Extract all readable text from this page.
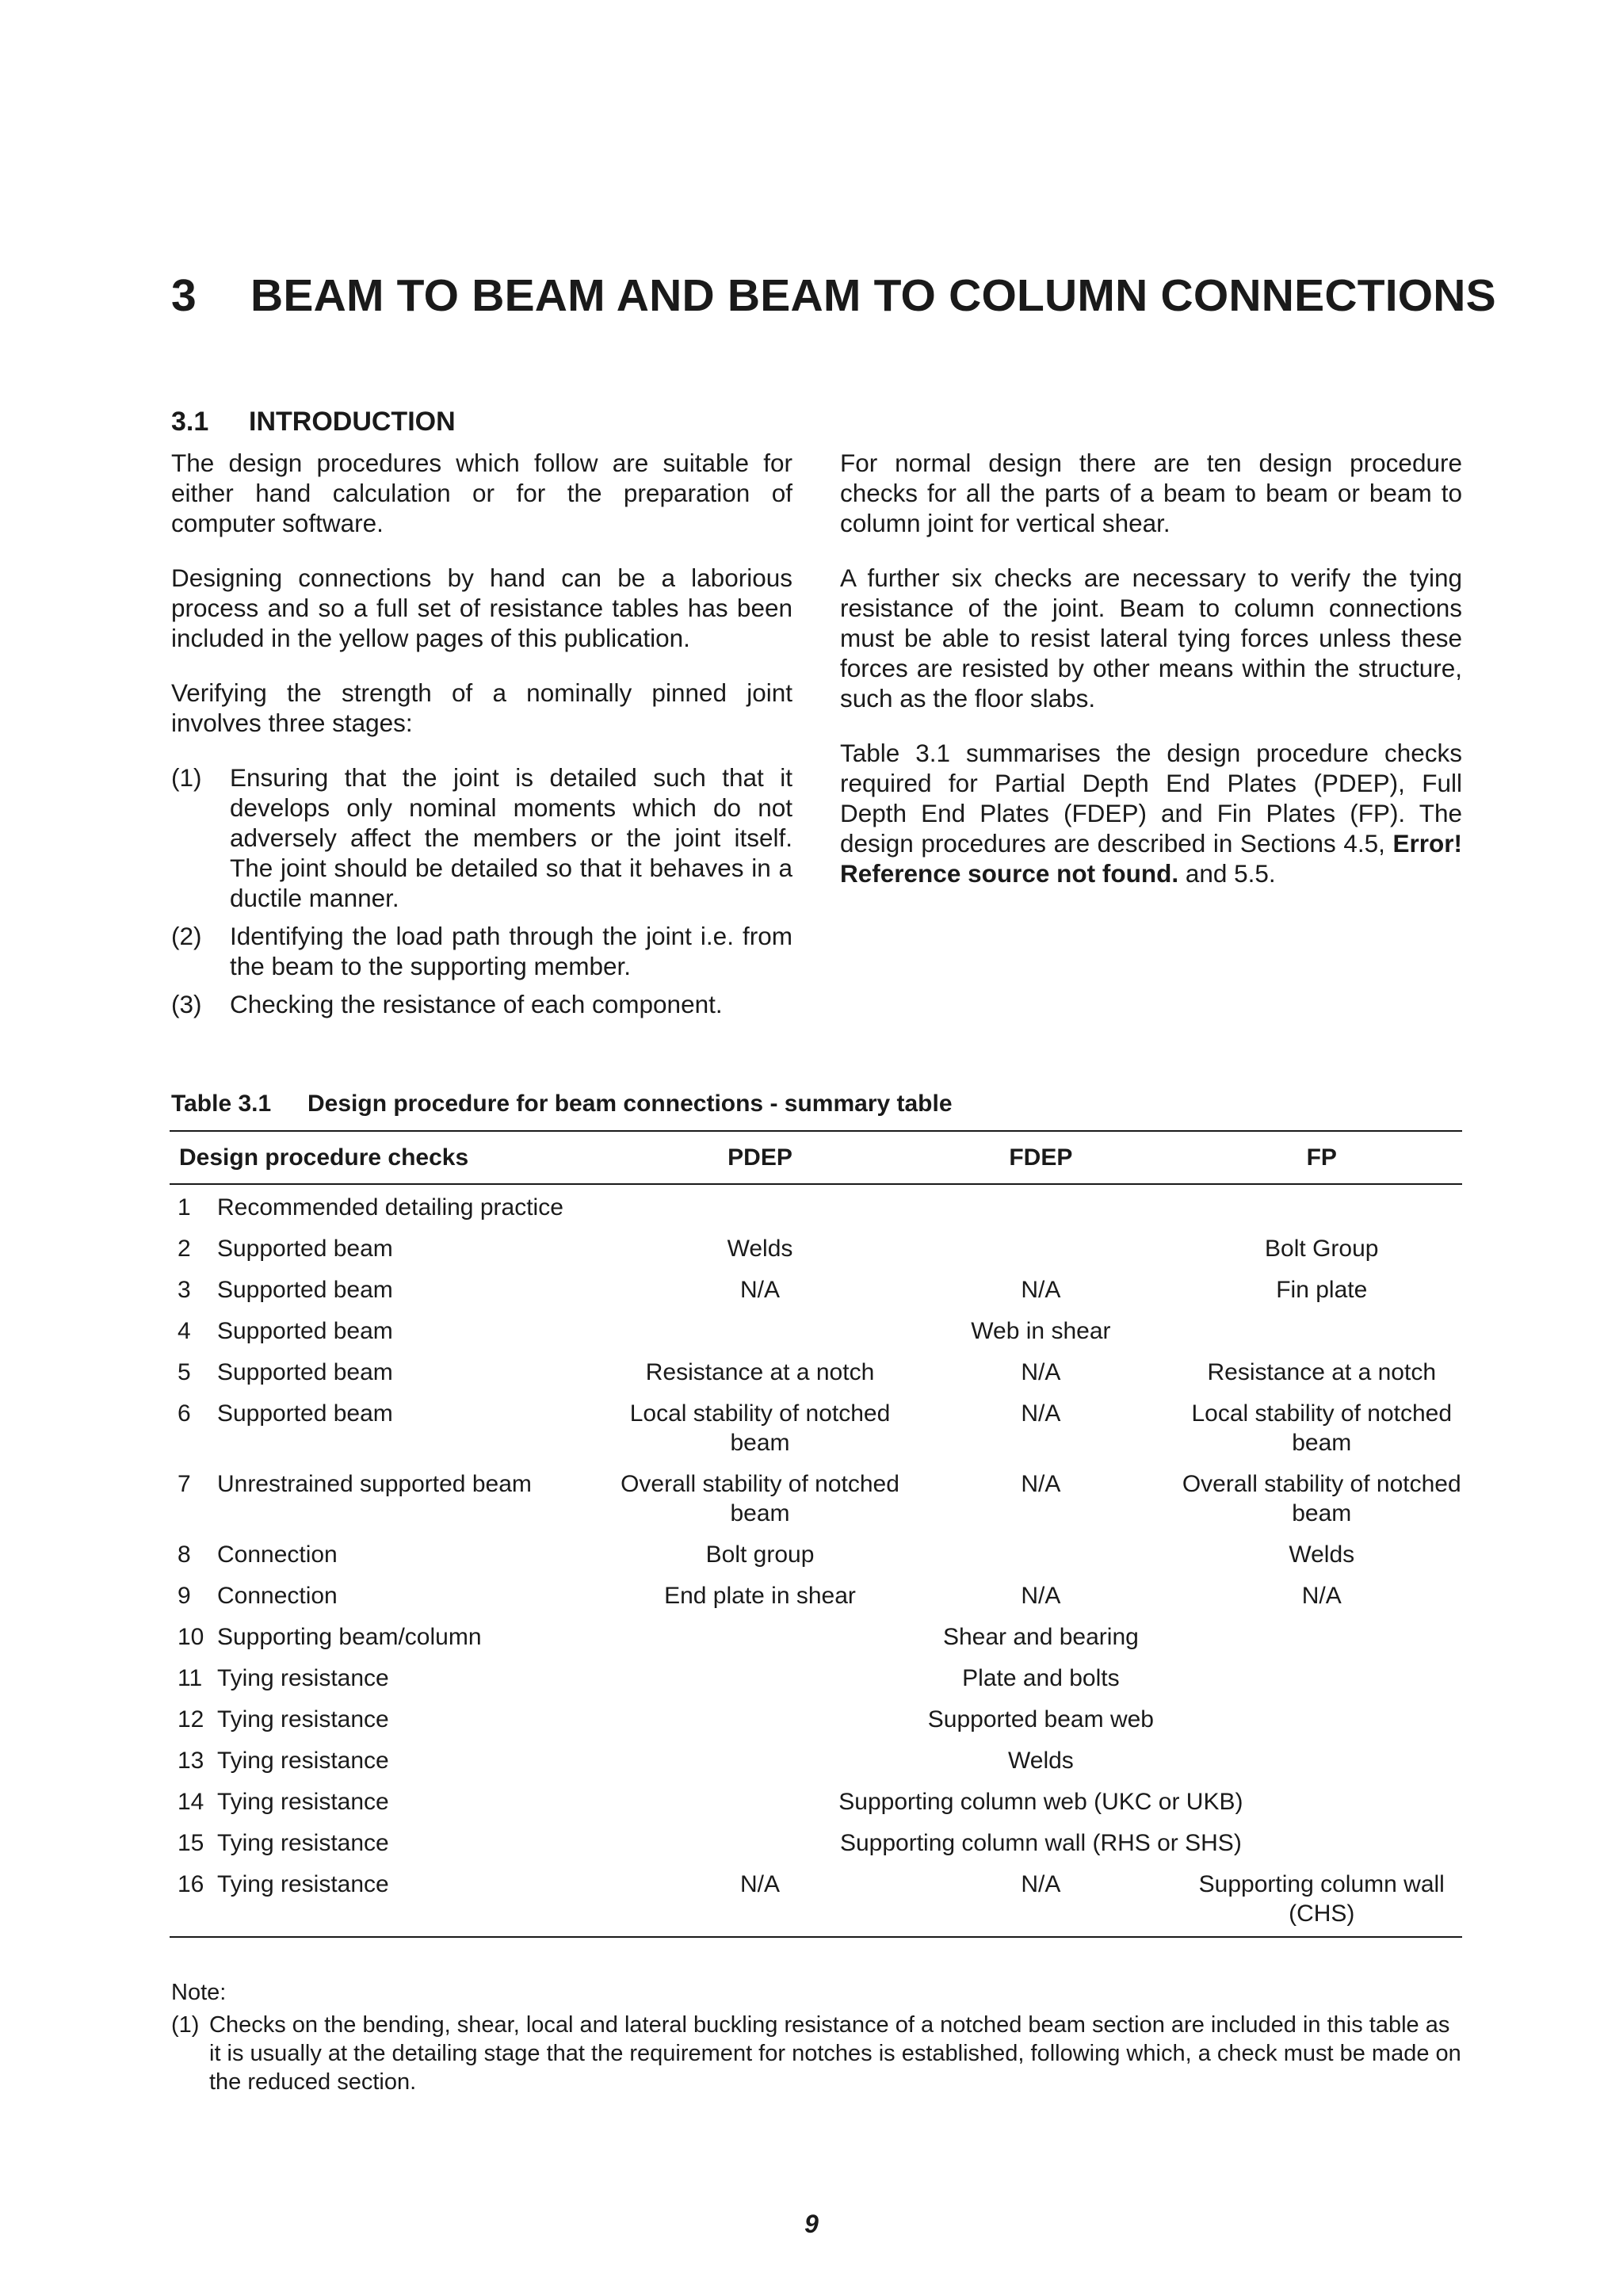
3 BEAM TO BEAM AND BEAM TO COLUMN CONNECTIONS
3.1 INTRODUCTION

The design procedures which follow are suitable for either hand calculation or for the preparation of computer software.

Designing connections by hand can be a laborious process and so a full set of resistance tables has been included in the yellow pages of this publication.

Verifying the strength of a nominally pinned joint involves three stages:

(1) Ensuring that the joint is detailed such that it develops only nominal moments which do not adversely affect the members or the joint itself. The joint should be detailed so that it behaves in a ductile manner.
(2) Identifying the load path through the joint i.e. from the beam to the supporting member.
(3) Checking the resistance of each component.

For normal design there are ten design procedure checks for all the parts of a beam to beam or beam to column joint for vertical shear.

A further six checks are necessary to verify the tying resistance of the joint. Beam to column connections must be able to resist lateral tying forces unless these forces are resisted by other means within the structure, such as the floor slabs.

Table 3.1 summarises the design procedure checks required for Partial Depth End Plates (PDEP), Full Depth End Plates (FDEP) and Fin Plates (FP). The design procedures are described in Sections 4.5, Error! Reference source not found. and 5.5.

Table 3.1 Design procedure for beam connections - summary table
Design procedure checks		PDEP	FDEP	FP
1	Recommended detailing practice			
2	Supported beam	Welds		Bolt Group
3	Supported beam	N/A	N/A	Fin plate
4	Supported beam	Web in shear		
5	Supported beam	Resistance at a notch	N/A	Resistance at a notch
6	Supported beam	Local stability of notched beam	N/A	Local stability of notched beam
7	Unrestrained supported beam	Overall stability of notched beam	N/A	Overall stability of notched beam
8	Connection	Bolt group		Welds
9	Connection	End plate in shear	N/A	N/A
10	Supporting beam/column	Shear and bearing		
11	Tying resistance	Plate and bolts		
12	Tying resistance	Supported beam web		
13	Tying resistance	Welds		
14	Tying resistance	Supporting column web (UKC or UKB)		
15	Tying resistance	Supporting column wall (RHS or SHS)		
16	Tying resistance	N/A	N/A	Supporting column wall (CHS)
Note:
(1) Checks on the bending, shear, local and lateral buckling resistance of a notched beam section are included in this table as it is usually at the detailing stage that the requirement for notches is established, following which, a check must be made on the reduced section.
9
